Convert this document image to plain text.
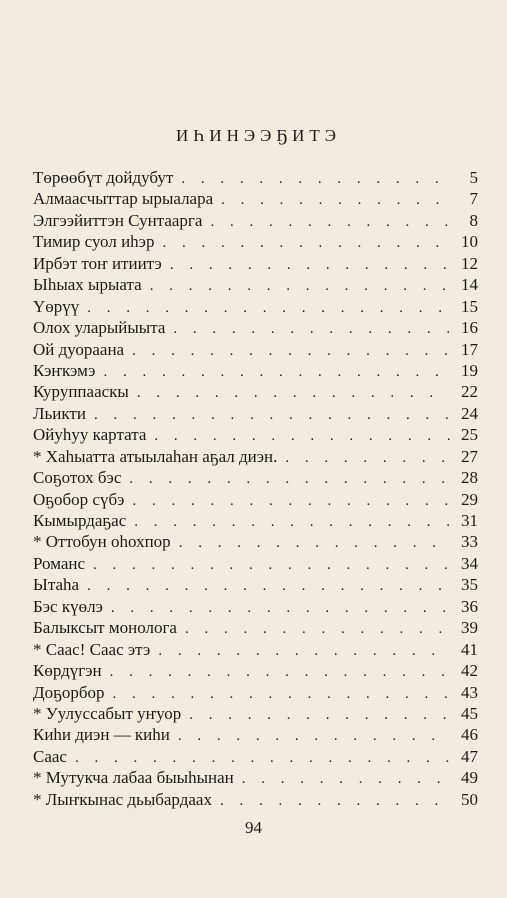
ИҺИНЭЭҔИТЭ
Төрөөбүт дойдубут . . .	5
Алмаасчыттар ырыалара . . .	7
Элгээйиттэн Сунтаарга . . .	8
Тимир суол иһэр . . .	10
Ирбэт тоҥ итиитэ . . .	12
Ыһыах ырыата . . .	14
Үөрүү . . .	15
Олох уларыйыыта . . .	16
Ой дуораана . . .	17
Кэҥкэмэ . . .	19
Куруппааскы . . .	22
Льикти . . .	24
Ойуһуу картата . . .	25
* Хаһыатта атыылаһан аҕал диэн. . . .	27
Соҕотох бэс . . .	28
Оҕобор сүбэ . . .	29
Кымырдаҕас . . .	31
* Оттобун оһохпор . . .	33
Романс . . .	34
Ытаһа . . .	35
Бэс күөлэ . . .	36
Балыксыт монолога . . .	39
* Саас! Саас этэ . . .	41
Көрдүгэн . . .	42
Доҕорбор . . .	43
* Уулуссабыт уҥуор . . .	45
Киһи диэн — киһи . . .	46
Саас . . .	47
* Мутукча лабаа быыһынан . . .	49
* Лыҥкынас дьыбардаах . . .	50
94
